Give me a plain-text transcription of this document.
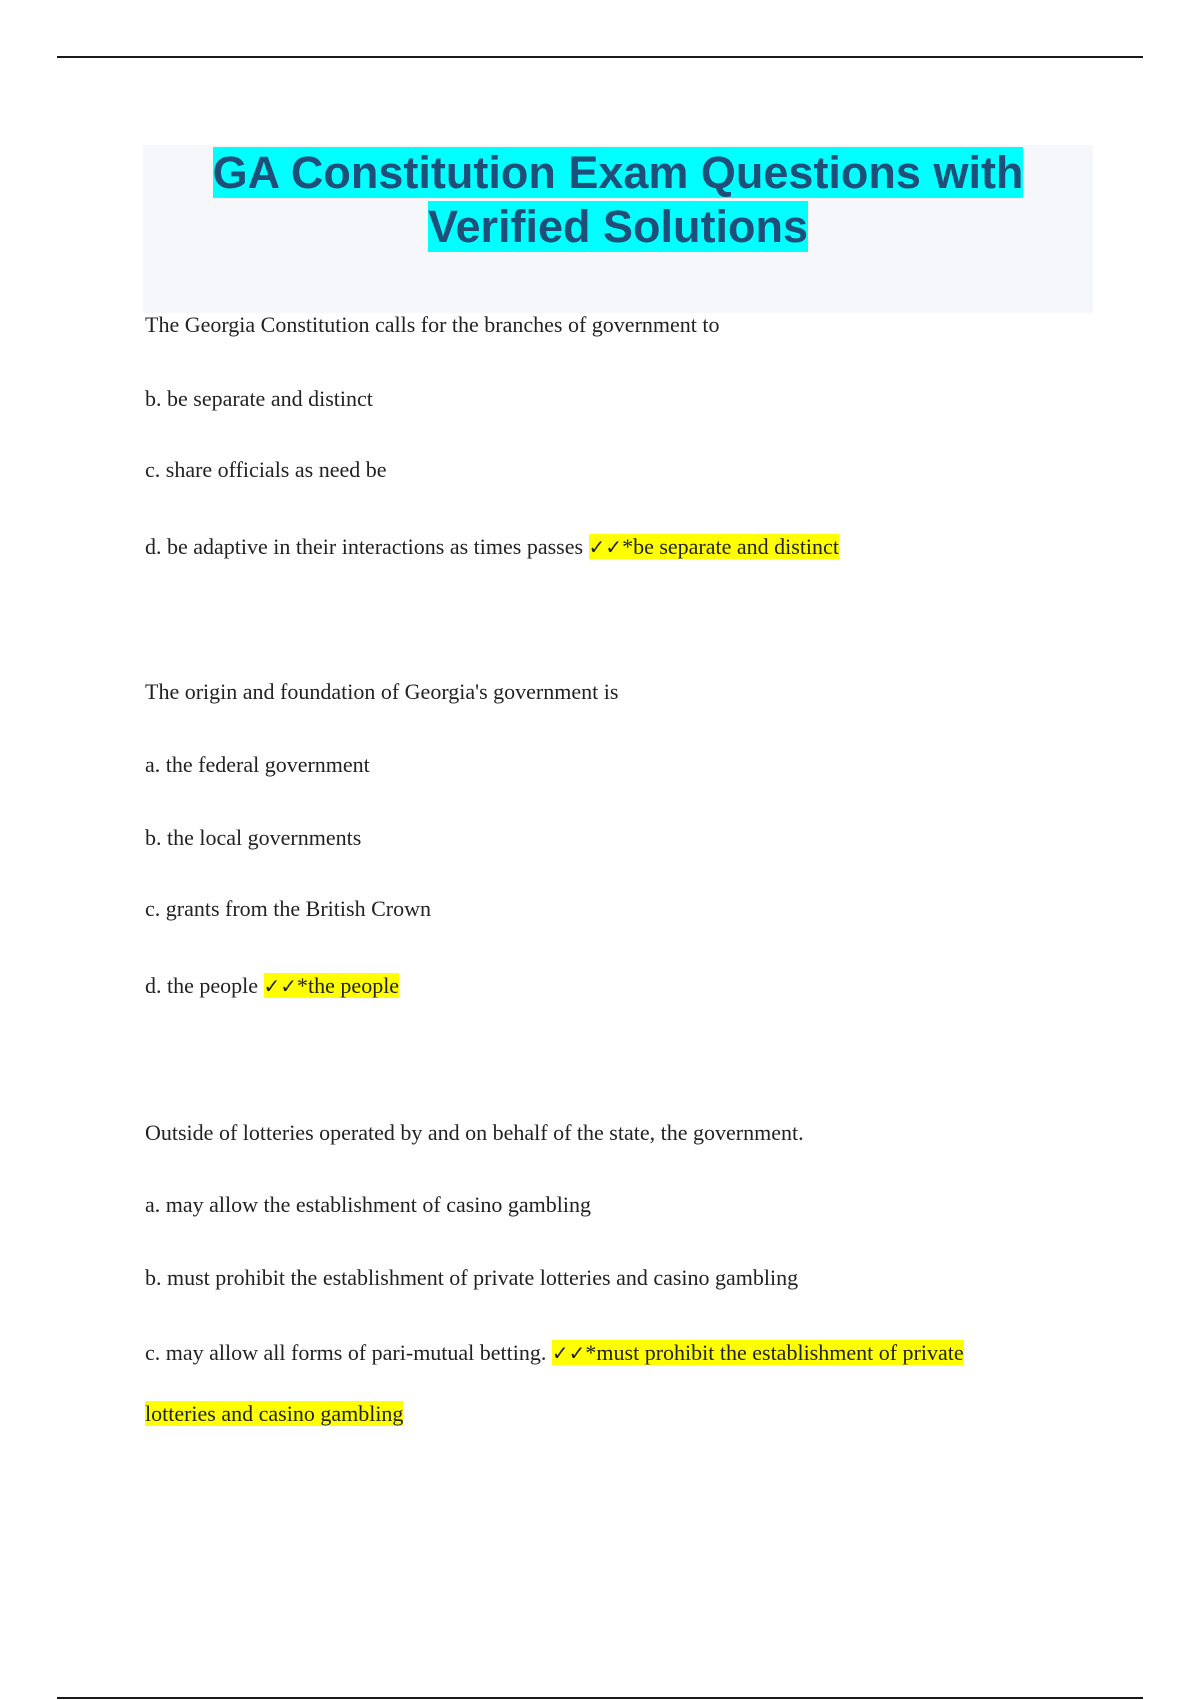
GA Constitution Exam Questions with Verified Solutions

The Georgia Constitution calls for the branches of government to

b. be separate and distinct

c. share officials as need be

d. be adaptive in their interactions as times passes ✓✓*be separate and distinct

The origin and foundation of Georgia's government is

a. the federal government

b. the local governments

c. grants from the British Crown

d. the people ✓✓*the people

Outside of lotteries operated by and on behalf of the state, the government.

a. may allow the establishment of casino gambling

b. must prohibit the establishment of private lotteries and casino gambling

c. may allow all forms of pari-mutual betting. ✓✓*must prohibit the establishment of private

lotteries and casino gambling
